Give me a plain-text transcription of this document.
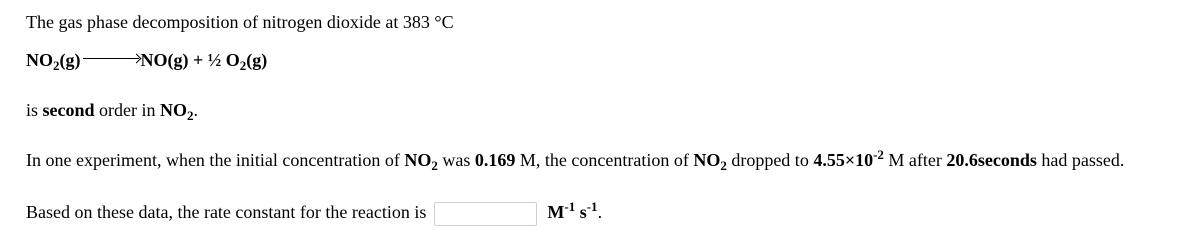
The gas phase decomposition of nitrogen dioxide at 383 °C
$NO_2(g)$	NO(g) + ½ $O_2(g)$
is second order in $NO_2$.
In one experiment, when the initial concentration of $NO_2$ was 0.169 M, the concentration of $NO_2$ dropped to $4.55\times 10^{-2}$ M after 20.6seconds had passed.
Based on these data, the rate constant for the reaction is	$M^{-1}$ $s^{-1}$.
